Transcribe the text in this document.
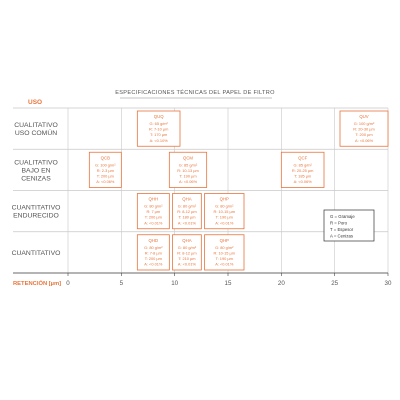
ESPECIFICACIONES TÉCNICAS DEL PAPEL DE FILTRO
USO
RETENCIÓN [µm] 0	5	10	15	20	25	30
CUALITATIVO USO COMÚN
CUALITATIVO BAJO EN CENIZAS
CUANTITATIVO ENDURECIDO
CUANTITATIVO
QUQ
G: 65 g/m²
R: 7-10 µm
T: 170 µm
A: <0.10%
QUV
G: 100 g/m²
R: 20-30 µm
T: 200 µm
A: <0.06%
QCB
G: 100 g/m²
R: 2-3 µm
T: 200 µm
A: <0.06%
QCM
G: 85 g/m²
R: 10-13 µm
T: 190 µm
A: <0.06%
QCF
G: 85 g/m²
R: 20-25 µm
T: 185 µm
A: <0.06%
QHH
G: 80 g/m²
R: 7 µm
T: 200 µm
A: <0.01%
QHA
G: 80 g/m²
R: 8-12 µm
T: 180 µm
A: <0.01%
QHP
G: 80 g/m²
R: 10-15 µm
T: 190 µm
A: <0.01%
QHD
G: 80 g/m²
R: 7-8 µm
T: 200 µm
A: <0.01%
QHA
G: 80 g/m²
R: 8-12 µm
T: 210 µm
A: <0.01%
QHP
G: 80 g/m²
R: 10-15 µm
T: 190 µm
A: <0.01%
G = Gramaje
R = Poro
T = Espesor
A = Cenizas
